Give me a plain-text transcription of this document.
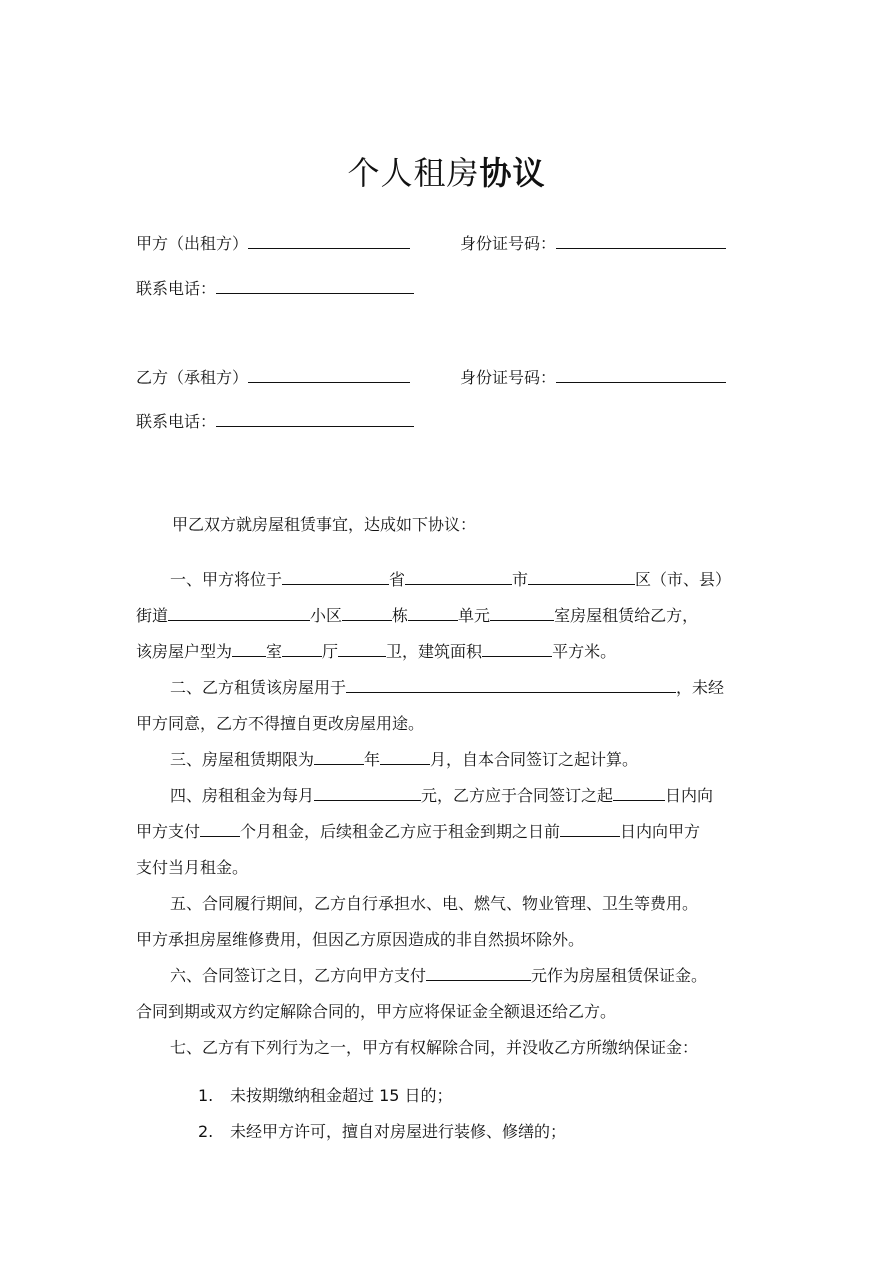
个人租房协议
甲方（出租方）	身份证号码：
联系电话：
乙方（承租方）	身份证号码：
联系电话：
甲乙双方就房屋租赁事宜，达成如下协议：

一、甲方将位于	省	市	区（市、县）
街道	小区	栋	单元	室房屋租赁给乙方，
该房屋户型为 室	厅	卫，建筑面积	平方米。

二、乙方租赁该房屋用于	，未经
甲方同意，乙方不得擅自更改房屋用途。

三、房屋租赁期限为	年	月，自本合同签订之起计算。

四、房租租金为每月	元，乙方应于合同签订之起	日内向
甲方支付	个月租金，后续租金乙方应于租金到期之日前	日内向甲方
支付当月租金。

五、合同履行期间，乙方自行承担水、电、燃气、物业管理、卫生等费用。
甲方承担房屋维修费用，但因乙方原因造成的非自然损坏除外。

六、合同签订之日，乙方向甲方支付	元作为房屋租赁保证金。
合同到期或双方约定解除合同的，甲方应将保证金全额退还给乙方。

七、乙方有下列行为之一，甲方有权解除合同，并没收乙方所缴纳保证金：

1. 未按期缴纳租金超过 15 日的；
2. 未经甲方许可，擅自对房屋进行装修、修缮的；
